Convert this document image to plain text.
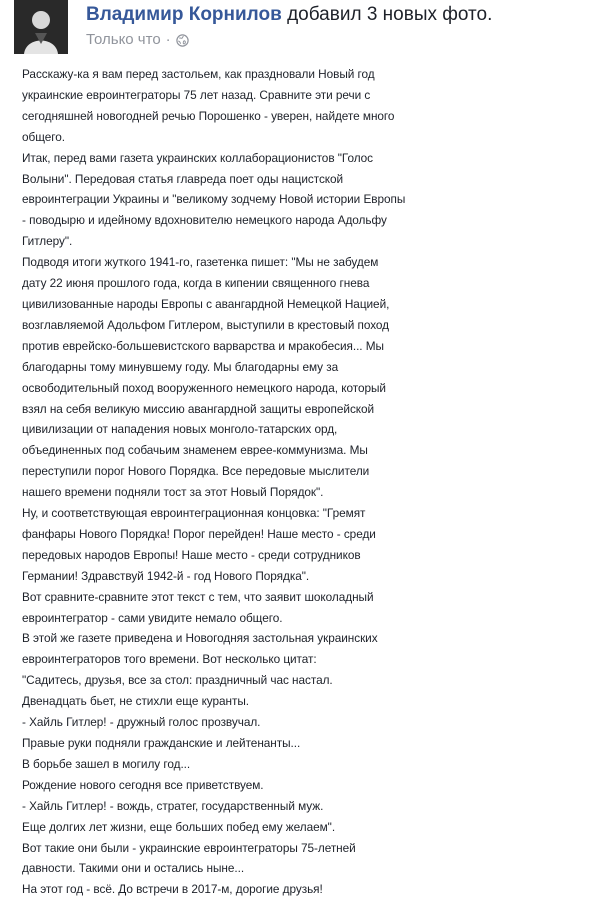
Владимир Корнилов добавил 3 новых фото.
Только что ·
Расскажу-ка я вам перед застольем, как праздновали Новый год
украинские евроинтеграторы 75 лет назад. Сравните эти речи с
сегодняшней новогодней речью Порошенко - уверен, найдете много
общего.
Итак, перед вами газета украинских коллаборационистов "Голос
Волыни". Передовая статья главреда поет оды нацистской
евроинтеграции Украины и "великому зодчему Новой истории Европы
- поводырю и идейному вдохновителю немецкого народа Адольфу
Гитлеру".
Подводя итоги жуткого 1941-го, газетенка пишет: "Мы не забудем
дату 22 июня прошлого года, когда в кипении священного гнева
цивилизованные народы Европы с авангардной Немецкой Нацией,
возглавляемой Адольфом Гитлером, выступили в крестовый поход
против еврейско-большевистского варварства и мракобесия... Мы
благодарны тому минувшему году. Мы благодарны ему за
освободительный поход вооруженного немецкого народа, который
взял на себя великую миссию авангардной защиты европейской
цивилизации от нападения новых монголо-татарских орд,
объединенных под собачьим знаменем евреe-коммунизма. Мы
переступили порог Нового Порядка. Все передовые мыслители
нашего времени подняли тост за этот Новый Порядок".
Ну, и соответствующая евроинтеграционная концовка: "Гремят
фанфары Нового Порядка! Порог перейден! Наше место - среди
передовых народов Европы! Наше место - среди сотрудников
Германии! Здравствуй 1942-й - год Нового Порядка".
Вот сравните-сравните этот текст с тем, что заявит шоколадный
евроинтегратор - сами увидите немало общего.
В этой же газете приведена и Новогодняя застольная украинских
евроинтеграторов того времени. Вот несколько цитат:
"Садитесь, друзья, все за стол: праздничный час настал.
Двенадцать бьет, не стихли еще куранты.
- Хайль Гитлер! - дружный голос прозвучал.
Правые руки подняли гражданские и лейтенанты...
В борьбе зашел в могилу год...
Рождение нового сегодня все приветствуем.
- Хайль Гитлер! - вождь, стратег, государственный муж.
Еще долгих лет жизни, еще больших побед ему желаем".
Вот такие они были - украинские евроинтеграторы 75-летней
давности. Такими они и остались ныне...
На этот год - всё. До встречи в 2017-м, дорогие друзья!
